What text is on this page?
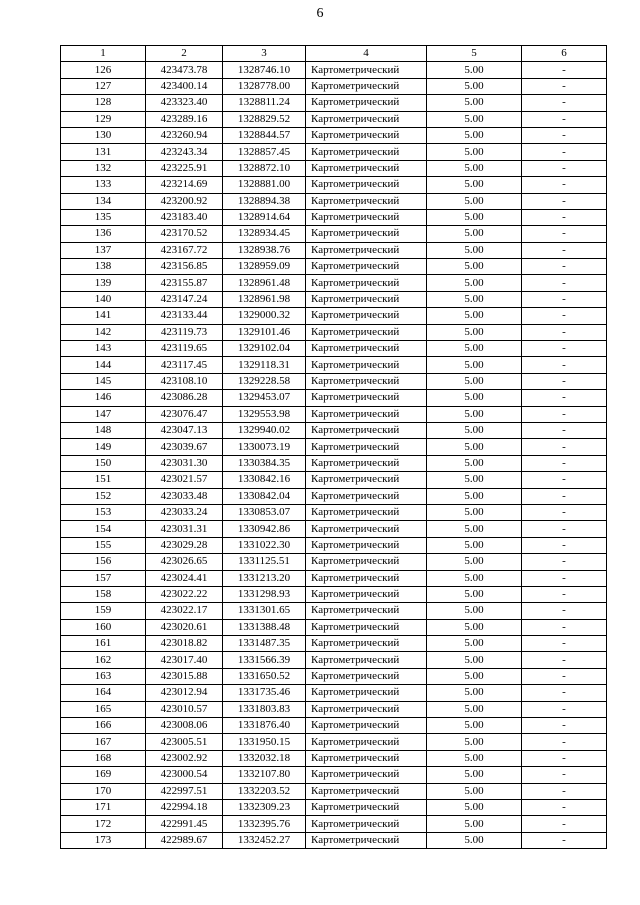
6
1	2	3	4	5	6
126	423473.78	1328746.10	Картометрический	5.00	-
127	423400.14	1328778.00	Картометрический	5.00	-
128	423323.40	1328811.24	Картометрический	5.00	-
129	423289.16	1328829.52	Картометрический	5.00	-
130	423260.94	1328844.57	Картометрический	5.00	-
131	423243.34	1328857.45	Картометрический	5.00	-
132	423225.91	1328872.10	Картометрический	5.00	-
133	423214.69	1328881.00	Картометрический	5.00	-
134	423200.92	1328894.38	Картометрический	5.00	-
135	423183.40	1328914.64	Картометрический	5.00	-
136	423170.52	1328934.45	Картометрический	5.00	-
137	423167.72	1328938.76	Картометрический	5.00	-
138	423156.85	1328959.09	Картометрический	5.00	-
139	423155.87	1328961.48	Картометрический	5.00	-
140	423147.24	1328961.98	Картометрический	5.00	-
141	423133.44	1329000.32	Картометрический	5.00	-
142	423119.73	1329101.46	Картометрический	5.00	-
143	423119.65	1329102.04	Картометрический	5.00	-
144	423117.45	1329118.31	Картометрический	5.00	-
145	423108.10	1329228.58	Картометрический	5.00	-
146	423086.28	1329453.07	Картометрический	5.00	-
147	423076.47	1329553.98	Картометрический	5.00	-
148	423047.13	1329940.02	Картометрический	5.00	-
149	423039.67	1330073.19	Картометрический	5.00	-
150	423031.30	1330384.35	Картометрический	5.00	-
151	423021.57	1330842.16	Картометрический	5.00	-
152	423033.48	1330842.04	Картометрический	5.00	-
153	423033.24	1330853.07	Картометрический	5.00	-
154	423031.31	1330942.86	Картометрический	5.00	-
155	423029.28	1331022.30	Картометрический	5.00	-
156	423026.65	1331125.51	Картометрический	5.00	-
157	423024.41	1331213.20	Картометрический	5.00	-
158	423022.22	1331298.93	Картометрический	5.00	-
159	423022.17	1331301.65	Картометрический	5.00	-
160	423020.61	1331388.48	Картометрический	5.00	-
161	423018.82	1331487.35	Картометрический	5.00	-
162	423017.40	1331566.39	Картометрический	5.00	-
163	423015.88	1331650.52	Картометрический	5.00	-
164	423012.94	1331735.46	Картометрический	5.00	-
165	423010.57	1331803.83	Картометрический	5.00	-
166	423008.06	1331876.40	Картометрический	5.00	-
167	423005.51	1331950.15	Картометрический	5.00	-
168	423002.92	1332032.18	Картометрический	5.00	-
169	423000.54	1332107.80	Картометрический	5.00	-
170	422997.51	1332203.52	Картометрический	5.00	-
171	422994.18	1332309.23	Картометрический	5.00	-
172	422991.45	1332395.76	Картометрический	5.00	-
173	422989.67	1332452.27	Картометрический	5.00	-
